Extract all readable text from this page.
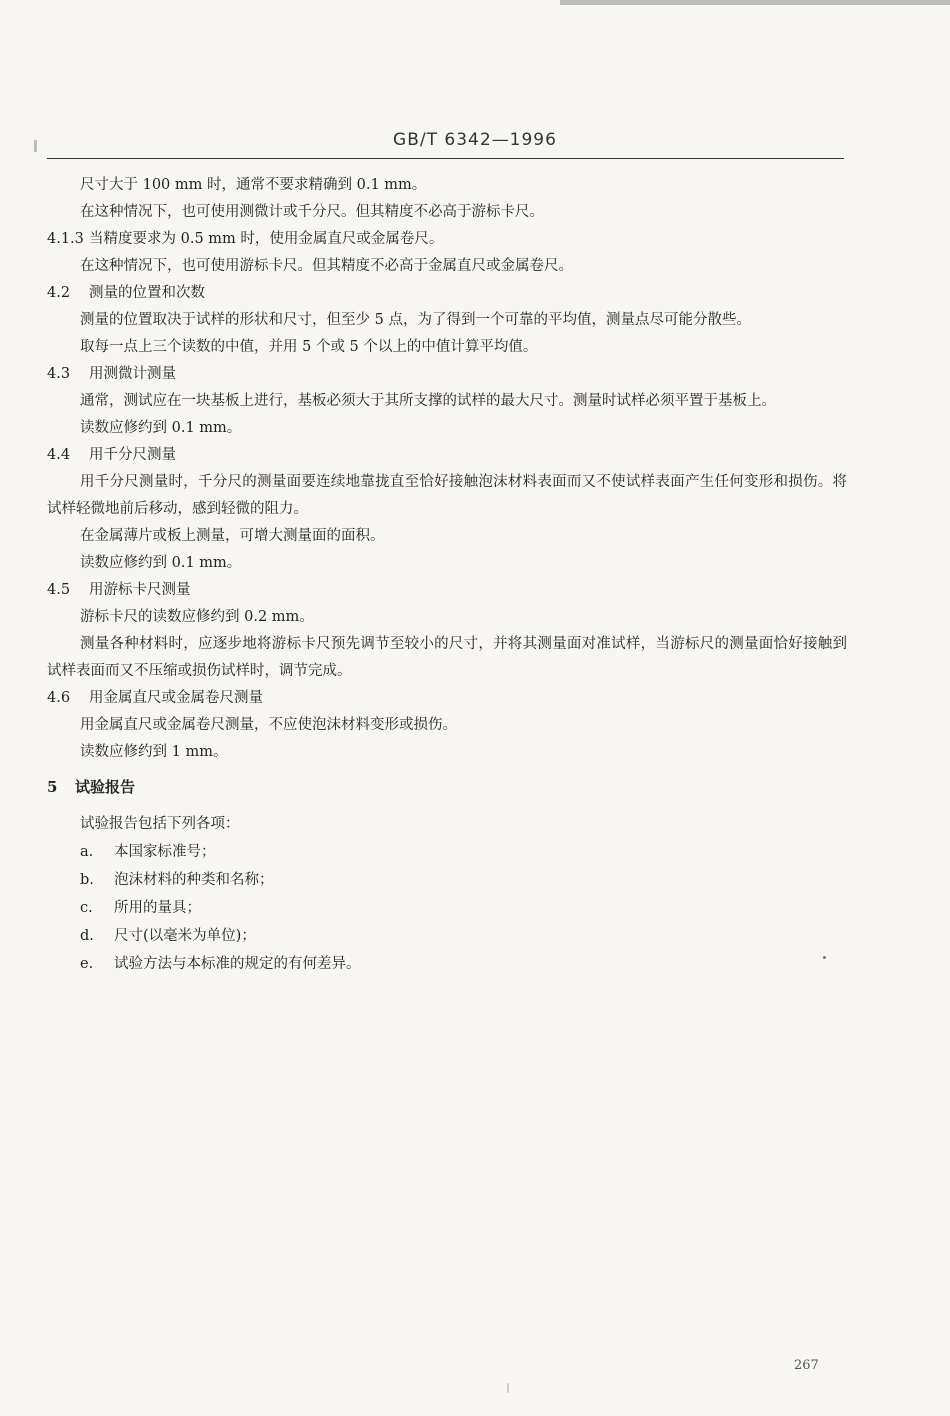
GB/T 6342—1996

尺寸大于 100 mm 时，通常不要求精确到 0.1 mm。

在这种情况下，也可使用测微计或千分尺。但其精度不必高于游标卡尺。

4.1.3 当精度要求为 0.5 mm 时，使用金属直尺或金属卷尺。

在这种情况下，也可使用游标卡尺。但其精度不必高于金属直尺或金属卷尺。

4.2 测量的位置和次数

测量的位置取决于试样的形状和尺寸，但至少 5 点，为了得到一个可靠的平均值，测量点尽可能分散些。

取每一点上三个读数的中值，并用 5 个或 5 个以上的中值计算平均值。

4.3 用测微计测量

通常，测试应在一块基板上进行，基板必须大于其所支撑的试样的最大尺寸。测量时试样必须平置于基板上。

读数应修约到 0.1 mm。

4.4 用千分尺测量

用千分尺测量时，千分尺的测量面要连续地靠拢直至恰好接触泡沫材料表面而又不使试样表面产生任何变形和损伤。将试样轻微地前后移动，感到轻微的阻力。

在金属薄片或板上测量，可增大测量面的面积。

读数应修约到 0.1 mm。

4.5 用游标卡尺测量

游标卡尺的读数应修约到 0.2 mm。

测量各种材料时，应逐步地将游标卡尺预先调节至较小的尺寸，并将其测量面对准试样，当游标尺的测量面恰好接触到试样表面而又不压缩或损伤试样时，调节完成。

4.6 用金属直尺或金属卷尺测量

用金属直尺或金属卷尺测量，不应使泡沫材料变形或损伤。

读数应修约到 1 mm。

5 试验报告

试验报告包括下列各项：

a. 本国家标准号；

b. 泡沫材料的种类和名称；

c. 所用的量具；

d. 尺寸(以毫米为单位)；

e. 试验方法与本标准的规定的有何差异。

267
